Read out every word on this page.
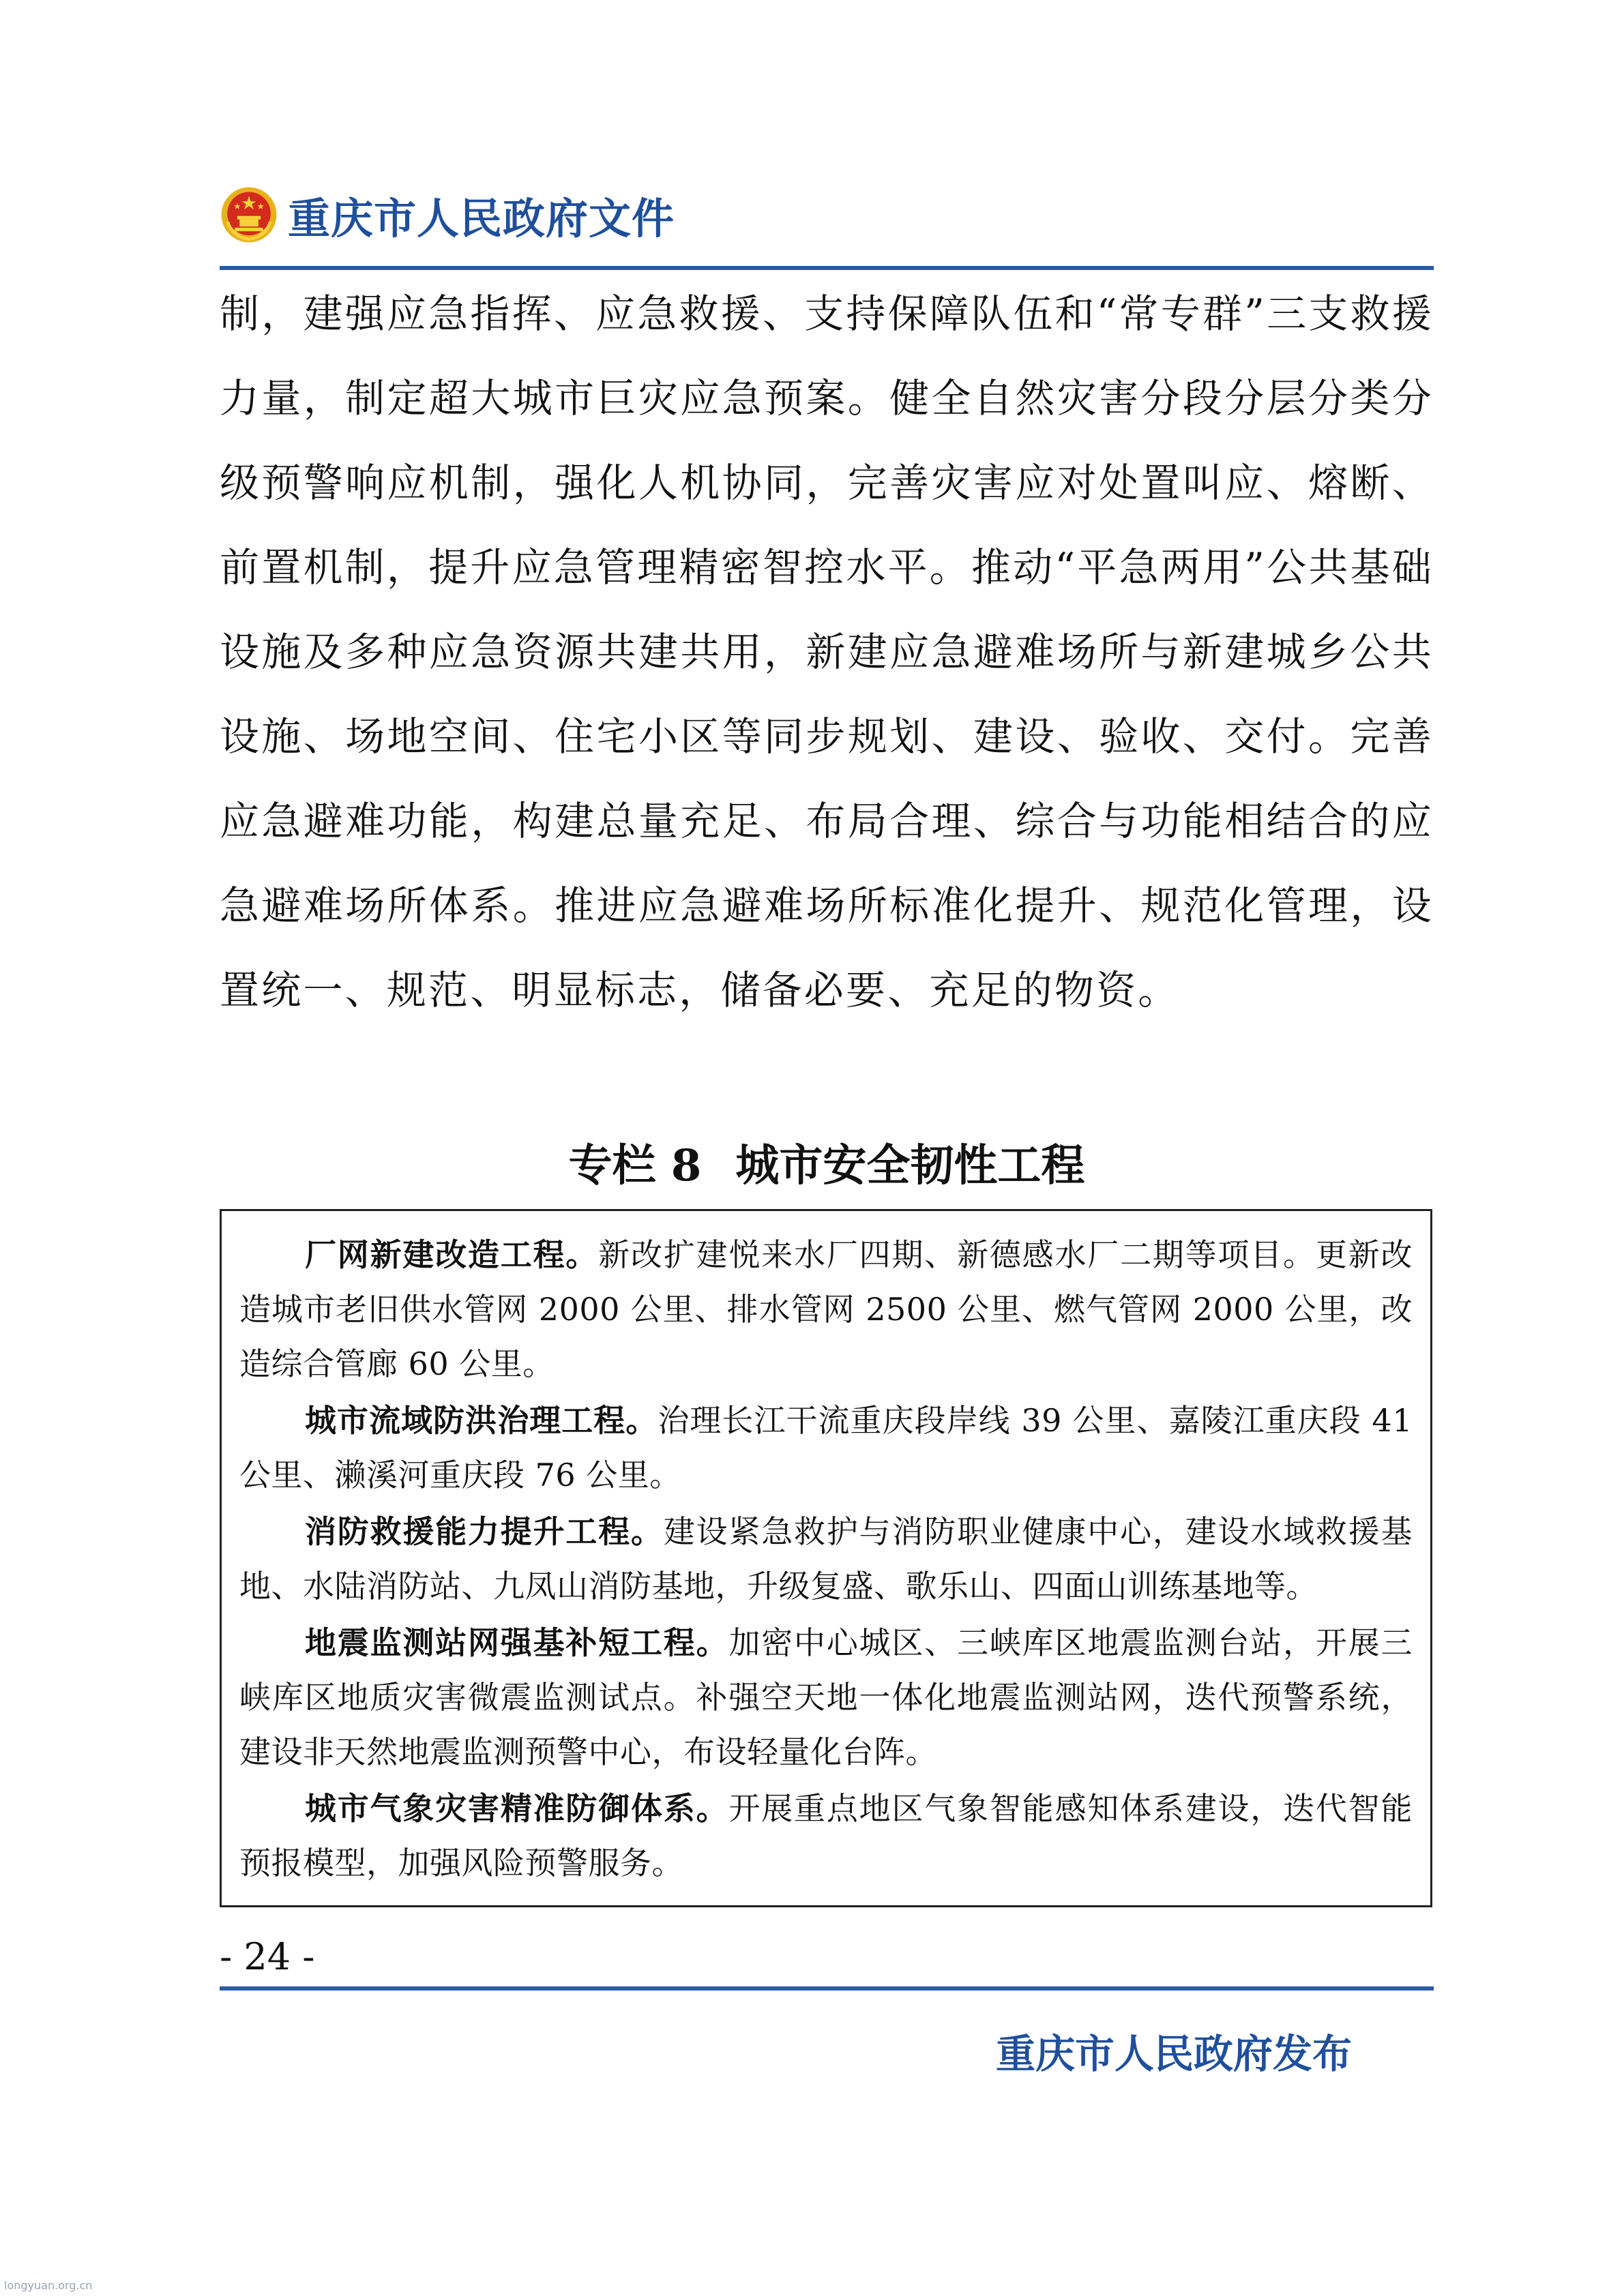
重庆市人民政府文件

制，建强应急指挥、应急救援、支持保障队伍和“常专群”三支救援力量，制定超大城市巨灾应急预案。健全自然灾害分段分层分类分级预警响应机制，强化人机协同，完善灾害应对处置叫应、熔断、前置机制，提升应急管理精密智控水平。推动“平急两用”公共基础设施及多种应急资源共建共用，新建应急避难场所与新建城乡公共设施、场地空间、住宅小区等同步规划、建设、验收、交付。完善应急避难功能，构建总量充足、布局合理、综合与功能相结合的应急避难场所体系。推进应急避难场所标准化提升、规范化管理，设置统一、规范、明显标志，储备必要、充足的物资。

专栏 8 城市安全韧性工程

厂网新建改造工程。新改扩建悦来水厂四期、新德感水厂二期等项目。更新改造城市老旧供水管网 2000 公里、排水管网 2500 公里、燃气管网 2000 公里，改造综合管廊 60 公里。

城市流域防洪治理工程。治理长江干流重庆段岸线 39 公里、嘉陵江重庆段 41 公里、濑溪河重庆段 76 公里。

消防救援能力提升工程。建设紧急救护与消防职业健康中心，建设水域救援基地、水陆消防站、九凤山消防基地，升级复盛、歌乐山、四面山训练基地等。

地震监测站网强基补短工程。加密中心城区、三峡库区地震监测台站，开展三峡库区地质灾害微震监测试点。补强空天地一体化地震监测站网，迭代预警系统，建设非天然地震监测预警中心，布设轻量化台阵。

城市气象灾害精准防御体系。开展重点地区气象智能感知体系建设，迭代智能预报模型，加强风险预警服务。

- 24 -
重庆市人民政府发布
longyuan.org.cn
